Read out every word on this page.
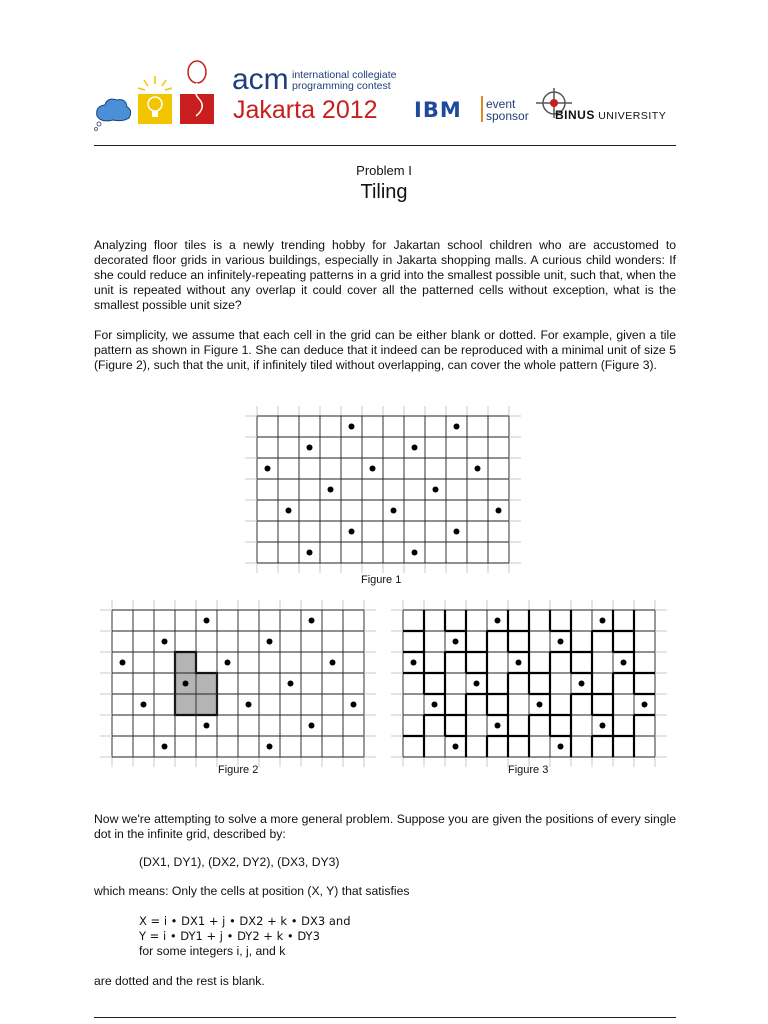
acm international collegiate
programming contest
Jakarta 2012 IBM event
sponsor BINUS UNIVERSITY
Problem I
Tiling
Analyzing floor tiles is a newly trending hobby for Jakartan school children who are accustomed to decorated floor grids in various buildings, especially in Jakarta shopping malls. A curious child wonders: If she could reduce an infinitely-repeating patterns in a grid into the smallest possible unit, such that, when the unit is repeated without any overlap it could cover all the patterned cells without exception, what is the smallest possible unit size?
For simplicity, we assume that each cell in the grid can be either blank or dotted. For example, given a tile pattern as shown in Figure 1. She can deduce that it indeed can be reproduced with a minimal unit of size 5 (Figure 2), such that the unit, if infinitely tiled without overlapping, can cover the whole pattern (Figure 3).
Figure 1
Figure 2	Figure 3
Now we're attempting to solve a more general problem. Suppose you are given the positions of every single dot in the infinite grid, described by:
(DX1, DY1), (DX2, DY2), (DX3, DY3)
which means: Only the cells at position (X, Y) that satisfies
X = i • DX1 + j • DX2 + k • DX3 and
Y = i • DY1 + j • DY2 + k • DY3
for some integers i, j, and k
are dotted and the rest is blank.
